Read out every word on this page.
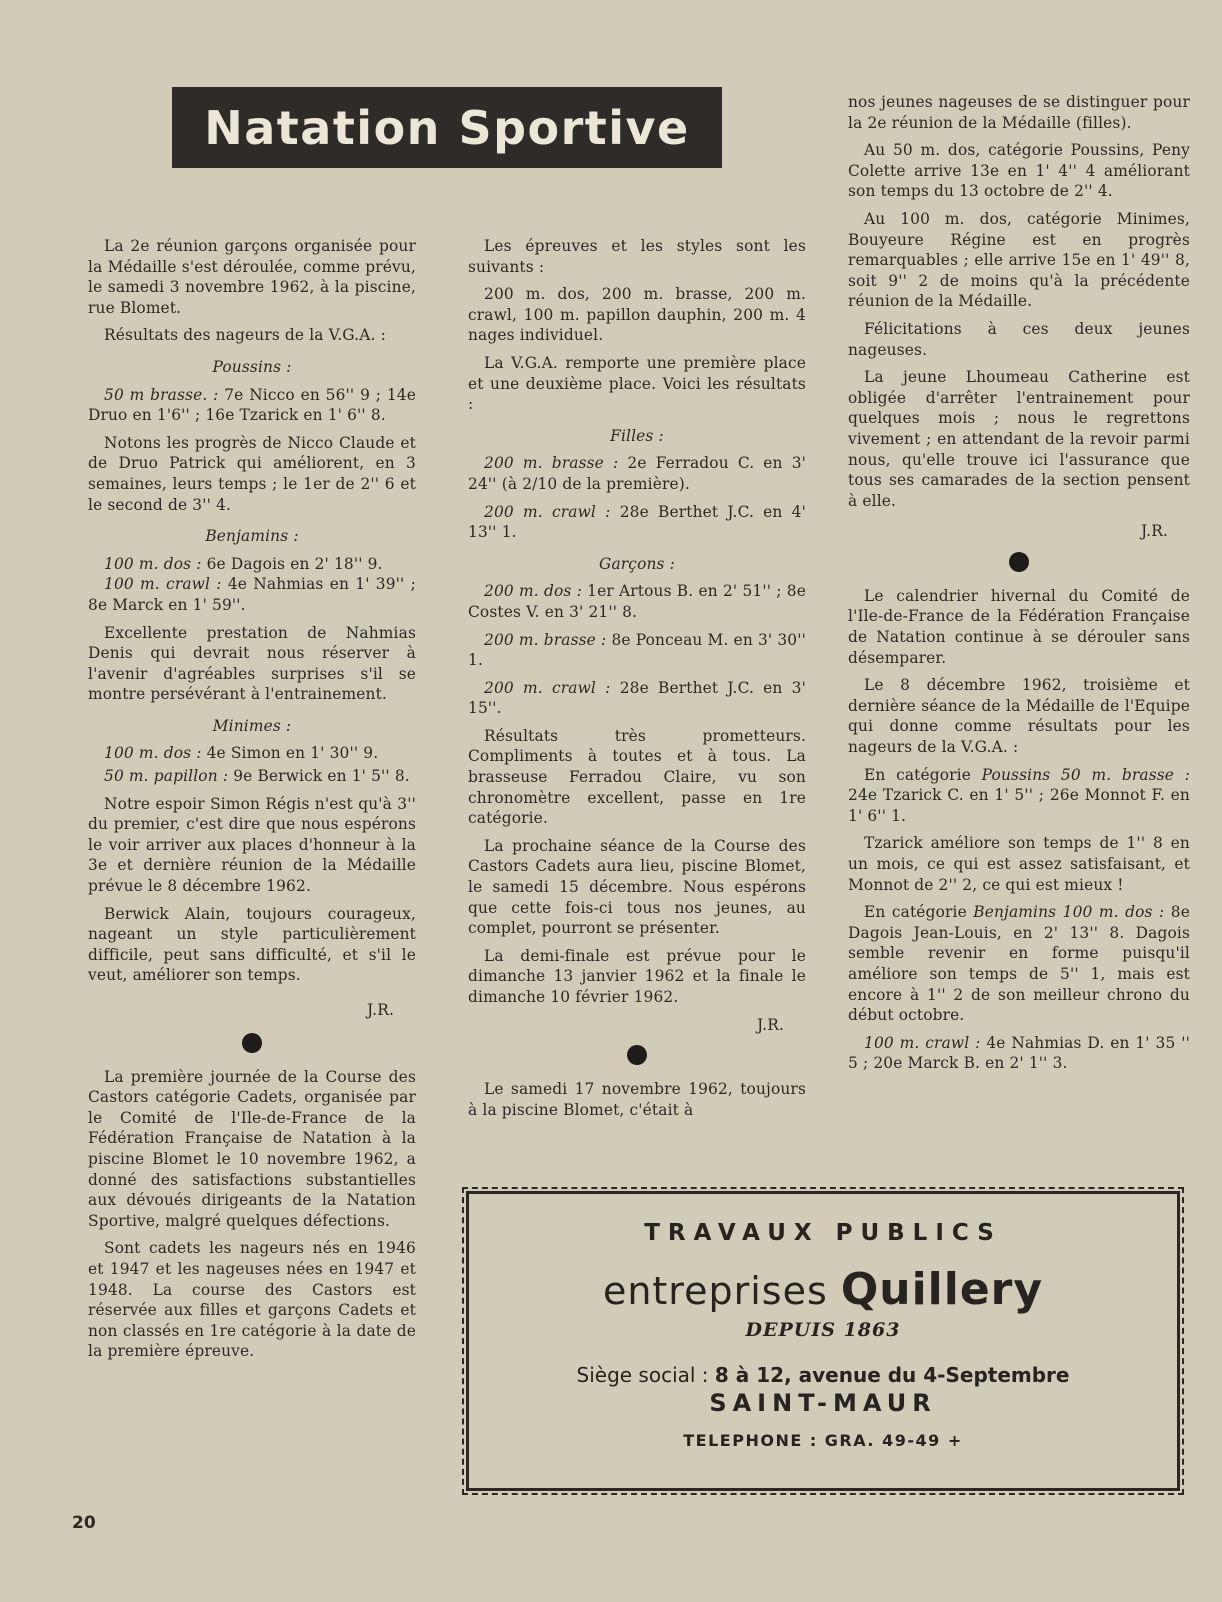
Natation Sportive

La 2e réunion garçons organisée pour la Médaille s'est déroulée, comme prévu, le samedi 3 novembre 1962, à la piscine, rue Blomet.

Résultats des nageurs de la V.G.A. :

Poussins :

50 m brasse. : 7e Nicco en 56'' 9 ; 14e Druo en 1'6'' ; 16e Tzarick en 1' 6'' 8.

Notons les progrès de Nicco Claude et de Druo Patrick qui améliorent, en 3 semaines, leurs temps ; le 1er de 2'' 6 et le second de 3'' 4.

Benjamins :

100 m. dos : 6e Dagois en 2' 18'' 9.

100 m. crawl : 4e Nahmias en 1' 39'' ; 8e Marck en 1' 59''.

Excellente prestation de Nahmias Denis qui devrait nous réserver à l'avenir d'agréables surprises s'il se montre persévérant à l'entrainement.

Minimes :

100 m. dos : 4e Simon en 1' 30'' 9.

50 m. papillon : 9e Berwick en 1' 5'' 8.

Notre espoir Simon Régis n'est qu'à 3'' du premier, c'est dire que nous espérons le voir arriver aux places d'honneur à la 3e et dernière réunion de la Médaille prévue le 8 décembre 1962.

Berwick Alain, toujours courageux, nageant un style particulièrement difficile, peut sans difficulté, et s'il le veut, améliorer son temps.

J.R.

La première journée de la Course des Castors catégorie Cadets, organisée par le Comité de l'Ile-de-France de la Fédération Française de Natation à la piscine Blomet le 10 novembre 1962, a donné des satisfactions substantielles aux dévoués dirigeants de la Natation Sportive, malgré quelques défections.

Sont cadets les nageurs nés en 1946 et 1947 et les nageuses nées en 1947 et 1948. La course des Castors est réservée aux filles et garçons Cadets et non classés en 1re catégorie à la date de la première épreuve.

Les épreuves et les styles sont les suivants :

200 m. dos, 200 m. brasse, 200 m. crawl, 100 m. papillon dauphin, 200 m. 4 nages individuel.

La V.G.A. remporte une première place et une deuxième place. Voici les résultats :

Filles :

200 m. brasse : 2e Ferradou C. en 3' 24'' (à 2/10 de la première).

200 m. crawl : 28e Berthet J.C. en 4' 13'' 1.

Garçons :

200 m. dos : 1er Artous B. en 2' 51'' ; 8e Costes V. en 3' 21'' 8.

200 m. brasse : 8e Ponceau M. en 3' 30'' 1.

200 m. crawl : 28e Berthet J.C. en 3' 15''.

Résultats très prometteurs. Compliments à toutes et à tous. La brasseuse Ferradou Claire, vu son chronomètre excellent, passe en 1re catégorie.

La prochaine séance de la Course des Castors Cadets aura lieu, piscine Blomet, le samedi 15 décembre. Nous espérons que cette fois-ci tous nos jeunes, au complet, pourront se présenter.

La demi-finale est prévue pour le dimanche 13 janvier 1962 et la finale le dimanche 10 février 1962.

J.R.

Le samedi 17 novembre 1962, toujours à la piscine Blomet, c'était à

nos jeunes nageuses de se distinguer pour la 2e réunion de la Médaille (filles).

Au 50 m. dos, catégorie Poussins, Peny Colette arrive 13e en 1' 4'' 4 améliorant son temps du 13 octobre de 2'' 4.

Au 100 m. dos, catégorie Minimes, Bouyeure Régine est en progrès remarquables ; elle arrive 15e en 1' 49'' 8, soit 9'' 2 de moins qu'à la précédente réunion de la Médaille.

Félicitations à ces deux jeunes nageuses.

La jeune Lhoumeau Catherine est obligée d'arrêter l'entrainement pour quelques mois ; nous le regrettons vivement ; en attendant de la revoir parmi nous, qu'elle trouve ici l'assurance que tous ses camarades de la section pensent à elle.

J.R.

Le calendrier hivernal du Comité de l'Ile-de-France de la Fédération Française de Natation continue à se dérouler sans désemparer.

Le 8 décembre 1962, troisième et dernière séance de la Médaille de l'Equipe qui donne comme résultats pour les nageurs de la V.G.A. :

En catégorie Poussins 50 m. brasse : 24e Tzarick C. en 1' 5'' ; 26e Monnot F. en 1' 6'' 1.

Tzarick améliore son temps de 1'' 8 en un mois, ce qui est assez satisfaisant, et Monnot de 2'' 2, ce qui est mieux !

En catégorie Benjamins 100 m. dos : 8e Dagois Jean-Louis, en 2' 13'' 8. Dagois semble revenir en forme puisqu'il améliore son temps de 5'' 1, mais est encore à 1'' 2 de son meilleur chrono du début octobre.

100 m. crawl : 4e Nahmias D. en 1' 35 '' 5 ; 20e Marck B. en 2' 1'' 3.

TRAVAUX PUBLICS
entreprises Quillery
DEPUIS 1863
Siège social : 8 à 12, avenue du 4-Septembre
SAINT-MAUR
TELEPHONE : GRA. 49-49 +
20
